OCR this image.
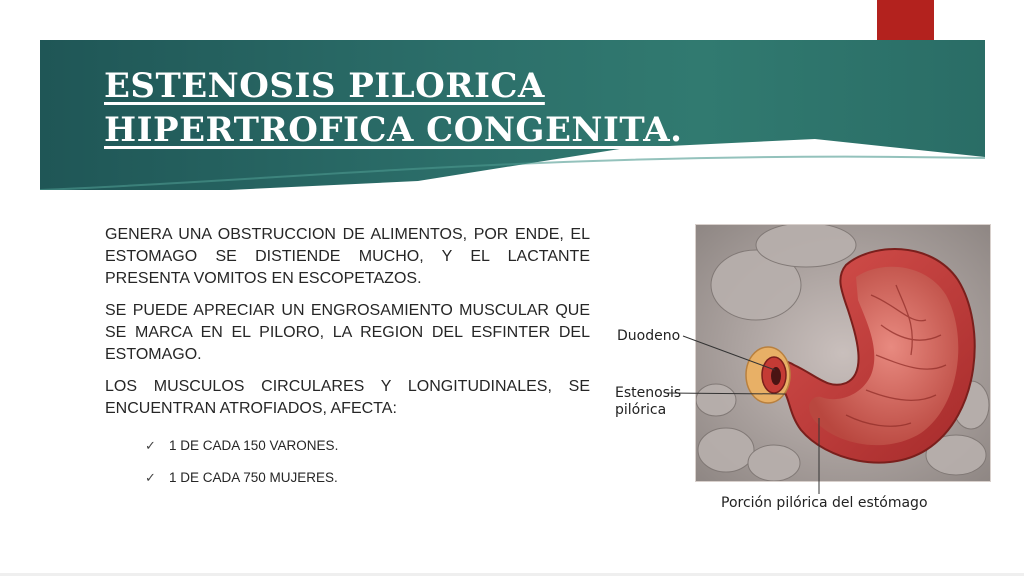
ESTENOSIS PILORICA HIPERTROFICA CONGENITA.

GENERA UNA OBSTRUCCION DE ALIMENTOS, POR ENDE, EL ESTOMAGO SE DISTIENDE MUCHO, Y EL LACTANTE PRESENTA VOMITOS EN ESCOPETAZOS.

SE PUEDE APRECIAR UN ENGROSAMIENTO MUSCULAR QUE SE MARCA EN EL PILORO, LA REGION DEL ESFINTER DEL ESTOMAGO.

LOS MUSCULOS CIRCULARES Y LONGITUDINALES, SE ENCUENTRAN ATROFIADOS, AFECTA:

✓ 1 DE CADA 150 VARONES.
✓ 1 DE CADA 750 MUJERES.
Duodeno
Estenosis
pilórica
Porción pilórica del estómago
